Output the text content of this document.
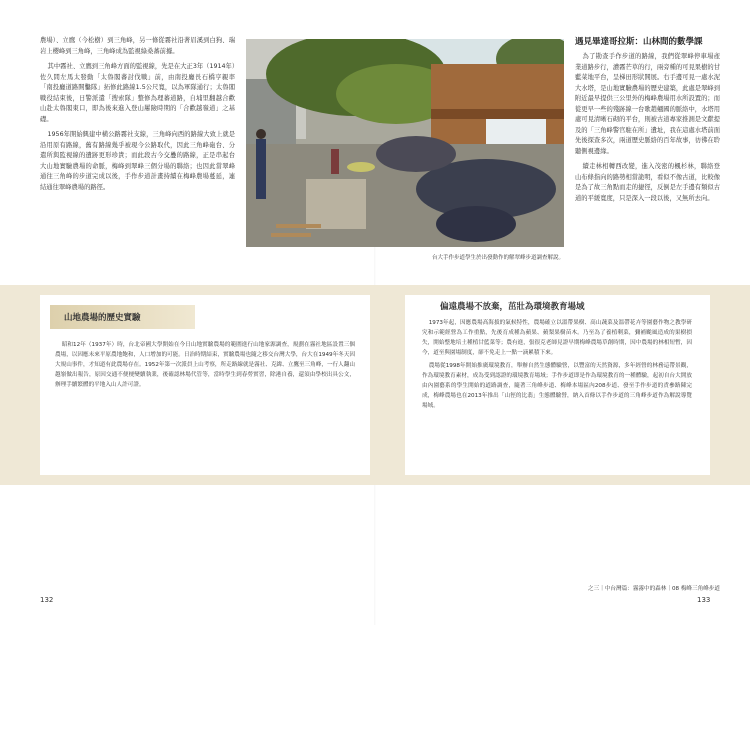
農場）、立鷹（今松樹）到三角峰，另一條從霧社沿著眉溪到白狗、瑞岩上櫻峰到三角峰，三角峰成為監視綠桑蕃前據。

其中霧社、立鷹到三角峰方面的監視線，先是在大正3年（1914年）佐久間左馬太發動「太魯閣蕃討伐戰」前，由南投廳長石橋亨親率「南投廳道路開鑿隊」拓修此路線1.5公尺寬，以為軍隊通行；太魯閣戰役結束後，日警派遣「搜索隊」整修為理蕃道路，自埔里翻越合歡山赴太魯閣東口，即為後來進入登山屢險時期的「合歡越嶺道」之基礎。

1956年開始興建中橫公路霧社支線，三角峰向西的路線大致上就是沿用原有路線，舊有路線幾乎被現今公路取代，因此三角峰砲台、分遣所與監視線的遺跡更形珍貴；而此段古今交疊的路線，正是串起台大山地實驗農場的命脈，梅峰到翠峰三個分場的聯絡；也因此當翠峰通往三角峰的步道完成以後，手作步道計畫持續在梅峰農場蔓延，連結通往翠峰農場的路徑。

台大手作步道學生於出發動作的解翠峰步道調查解說。
遇見畢達哥拉斯：山林間的數學課

為了勘查手作步道的路線，我們從翠峰停車場產業道路步行，濃霧芒草的行，兩旁種的可見果樹的甘藍菜地平台，呈梯田形狀開展。右手邊可見一處水泥大水塔，是山地實驗農場的歷史建築，此處是翠峰到附近最早提供三公里外的梅峰農場用水所設置的；而從更早一些的殘跡線一台歌趙翹國的脈絡中，水塔用處可見清晰石砌的平台，則被古道專家推測是文獻提及的「三角峰警官駐在所」遺址，我在這處水塔前面先後探查多次，兩道歷史脈絡的百年故事，彷彿在聆聽側視邊緣。

續走林相轉西改變，進入茂密的楓杉林，聯絡登山布條指向的路勢相當詭明，看似不像古道，比較像是為了故三角點而走的捷徑，反倒是左手邊有類似古道的平緩寬度，只是深入一段以後，又無所去向。

山地農場的歷史實驗

昭和12年（1937年）時，台北帝國大學開始在今日山地實驗農場的範圍進行山地家源調查，規劃在霧社地區設置三個農場，以因應未來平原農地飽和，人口增加的可能。日治時期結束，實驗農場也隨之移交台灣大學，台大在1949年冬天因大規山事件，才知道有此農場存在。1952年第一次派員上山考察，所走路線就是霧社、克緯、立鷹至三角峰，一行人翻山越嶺做出報告，原因交通不便梗變續執業，後確認林場代管等，當時學生到春勞實習，除港自養，還須由學校出具公文，辦理手續繁體的平地入山人許可證。

偏遠農場不放棄，茁壯為環境教育場域

1973年起，因應農場高海拔的氣候特性，農場確立以溫帶果樹、高山蔬菜及溫帶花卉等園藝作物之教學研究和示範經營為工作重點，先後育成種為蘋果、蘋梨果樹苗木。乃至為了養植剩菜，彌補颱風造成的果樹損失，開始整地培土種植甘藍菜等；農有進，張很克老師見證早期梅峰農場草創時期，因中農場的林相短暫，因今，道至與園場制度，卻不免走上一點一滴累積下來。

農場從1998年開始推廣環境教育，舉辦自然生態體驗營，以豐富的天然資源，多年經營的林務這帶景觀，作為環境教育素材，成為受到認證的環境教育場域；手作步道即是作為環境教育的一種體驗，起初自台大開放由內園藝系的學生開始的道路調查，隨著三角峰步道、梅峰本場區內208步道、發至手作步道的責參路陳完成，梅峰農場也在2013年推出「山徑的比翡」生態體驗營，納入首條以手作步道的三角峰步道作為解說導覽場域。

132
之三｜中台灣篇：霧霧中的森林｜08 梅峰三角峰步道
133
